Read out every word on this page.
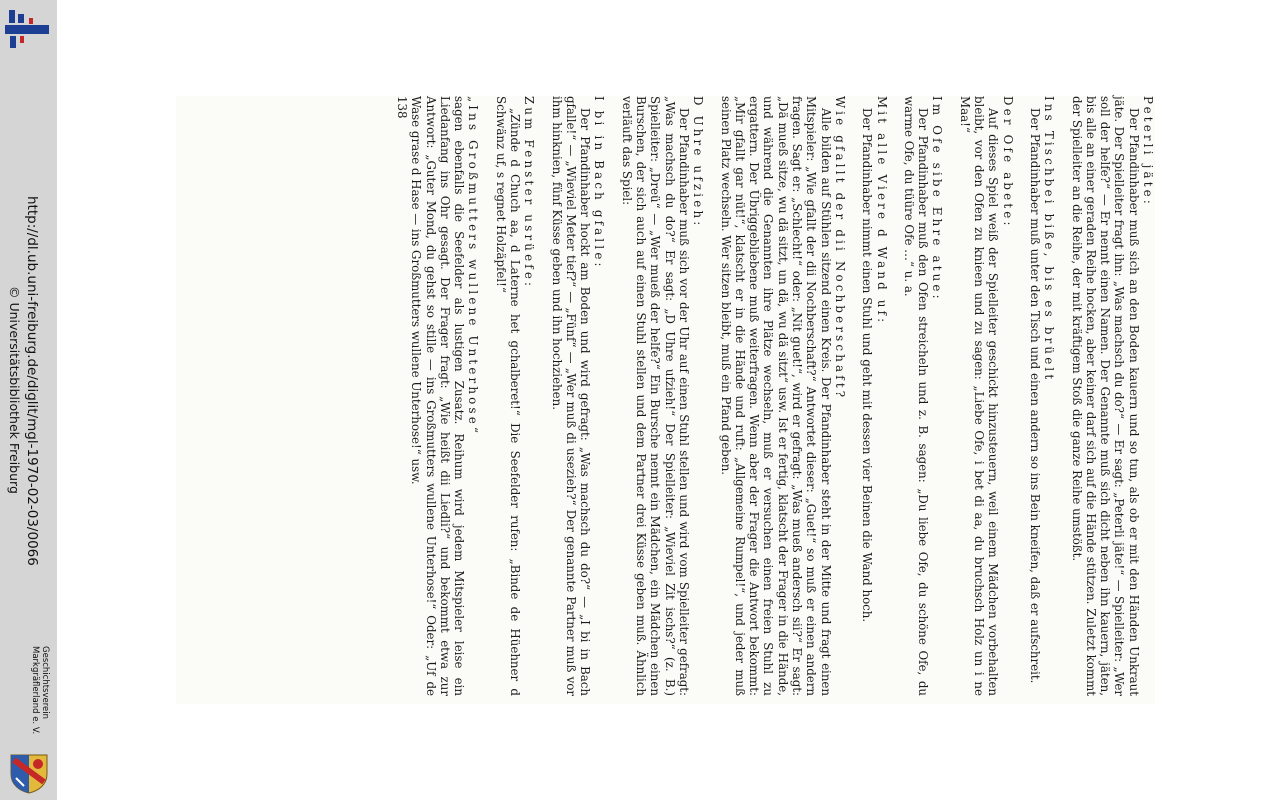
http://dl.ub.uni-freiburg.de/diglit/mgl-1970-02-03/0066
© Universitätsbibliothek Freiburg
Geschichtsverein
Markgräflerland e. V.

Peterli jäte:

Der Pfandinhaber muß sich an den Boden kauern und so tun, als ob er mit den Händen Unkraut jäte. Der Spielleiter fragt ihn: „Was machsch du do?“ — Er sagt: „Peterli jäte!“ — Spielleiter: „Wer soll der helfe?“ — Er nennt einen Namen. Der Genannte muß sich dicht neben ihn kauern, jäten, bis alle an einer geraden Reihe hocken, aber keiner darf sich auf die Hände stützen. Zuletzt kommt der Spielleiter an die Reihe, der mit kräftigem Stoß die ganze Reihe umstößt.

Ins Tischbei biße, bis es brüelt

Der Pfandinhaber muß unter den Tisch und einen andern so ins Bein kneifen, daß er aufschreit.

Der Ofe abete:

Auf dieses Spiel weiß der Spielleiter geschickt hinzusteuern, weil einem Mädchen vorbehalten bleibt, vor den Ofen zu knieen und zu sagen: „Liebe Ofe, i bet di aa, du bruchsch Holz un i ne Maa!“

Im Ofe sibe Ehre atue:

Der Pfandinhaber muß den Ofen streicheln und z. B. sagen: „Du liebe Ofe, du schöne Ofe, du warme Ofe, du tüüre Ofe …“ u. a.

Mit alle Viere d Wand uf:

Der Pfandinhaber nimmt einen Stuhl und geht mit dessen vier Beinen die Wand hoch.

Wie gfallt der dii Nochberschaft?

Alle bilden auf Stühlen sitzend einen Kreis. Der Pfandinhaber steht in der Mitte und fragt einen Mitspieler: „Wie gfallt der dii Nochberschaft?“ Antwortet dieser: „Guet!“ so muß er einen andern fragen. Sagt er: „Schlecht!“ oder: „Nit guet!“, wird er gefragt: „Was mueß andersch sii?“ Er sagt: „Dä mueß sitze, wu dä sitzt, un dä, wu dä sitzt“ usw. Ist er fertig, klatscht der Frager in die Hände, und während die Genannten ihre Plätze wechseln, muß er versuchen einen freien Stuhl zu ergattern. Der Übriggebliebene muß weiterfragen. Wenn aber der Frager die Antwort bekommt: „Mir gfallt gar nüt!“, klatscht er in die Hände und ruft: „Allgemeine Rumpel!“, und jeder muß seinen Platz wechseln. Wer sitzen bleibt, muß ein Pfand geben.

D Uhre ufzieh:

Der Pfandinhaber muß sich vor der Uhr auf einen Stuhl stellen und wird vom Spielleiter gefragt: „Was machsch du do?“ Er sagt: „D Uhre ufzieh!“ Der Spielleiter: „Wieviel Zit ischs?“ (z. B.) Spielleiter: „Dreü“ — „Wer mueß der helfe?“ Ein Bursche nennt ein Mädchen, ein Mädchen einen Burschen, der sich auch auf einen Stuhl stellen und dem Partner drei Küsse geben muß. Ähnlich verläuft das Spiel:

I bi in Bach gfalle:

Der Pfandinhaber hockt am Boden und wird gefragt: „Was machsch du do?“ — „I bi in Bach gfalle!“ — „Wieviel Meter tief?“ — „Fünf“ — „Wer muß di usezieh?“ Der genannte Partner muß vor ihm hinknien, fünf Küsse geben und ihn hochziehen.

Zum Fenster usrüefe:

„Zünde d Chuch aa, d Laterne het gchalberet!“ Die Seefelder rufen: „Binde de Hüehner d Schwänz uf, s regnet Holzäpfel!“

„Ins Großmutters wullene Unterhose“

sagen ebenfalls die Seefelder als lustigen Zusatz. Reihum wird jedem Mitspieler leise ein Liedanfang ins Ohr gesagt. Der Frager fragt: „Wie heißt dii Liedli?“ und bekommt etwa zur Antwort: „Guter Mond, du gehst so stille — ins Großmutters wullene Unterhose!“ Oder: „Uf de Wase grase d Hase — ins Großmutters wullene Unterhose!“ usw.

138
